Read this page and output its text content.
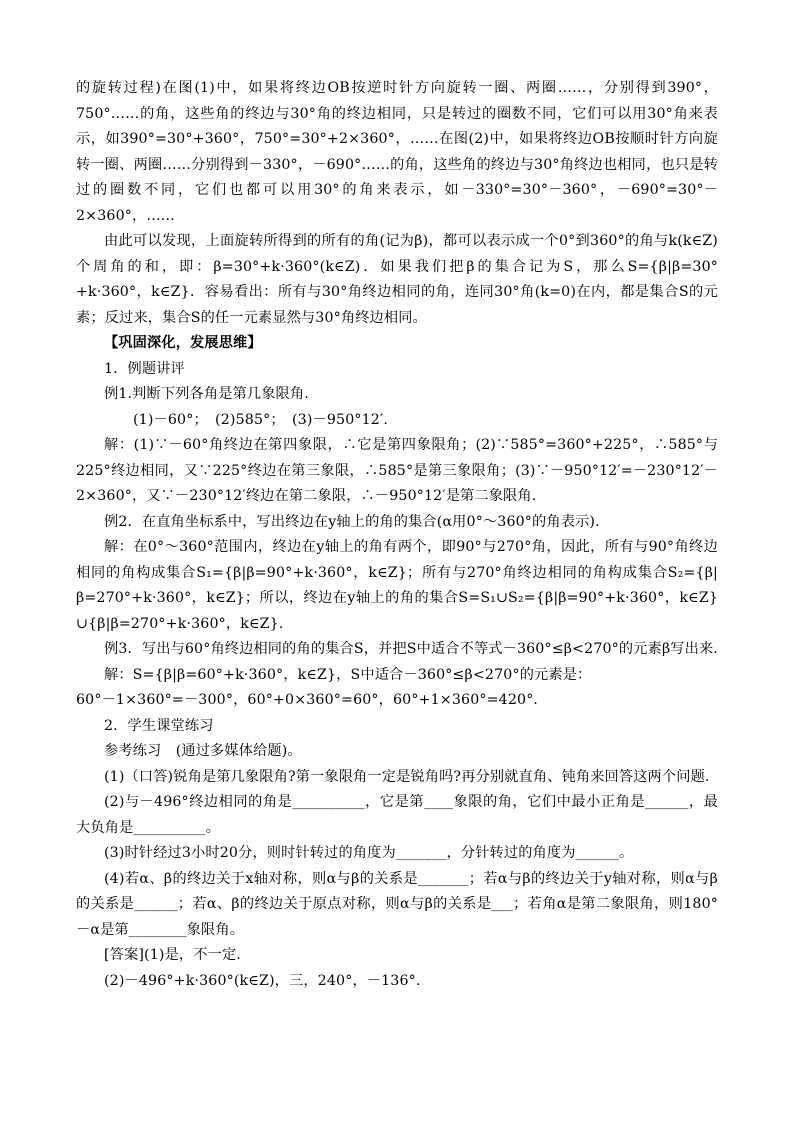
的旋转过程)在图(1)中，如果将终边OB按逆时针方向旋转一圈、两圈……，分别得到390°，750°……的角，这些角的终边与30°角的终边相同，只是转过的圈数不同，它们可以用30°角来表示，如390°=30°+360°，750°=30°+2×360°，……在图(2)中，如果将终边OB按顺时针方向旋转一圈、两圈……分别得到－330°，－690°……的角，这些角的终边与30°角终边也相同，也只是转过的圈数不同，它们也都可以用30°的角来表示，如－330°=30°－360°，－690°=30°－2×360°，……

由此可以发现，上面旋转所得到的所有的角(记为β)，都可以表示成一个0°到360°的角与k(k∈Z)个周角的和，即：β=30°+k·360°(k∈Z)．如果我们把β的集合记为S，那么S={β|β=30°+k·360°，k∈Z}．容易看出：所有与30°角终边相同的角，连同30°角(k=0)在内，都是集合S的元素；反过来，集合S的任一元素显然与30°角终边相同。

【巩固深化，发展思维】

1．例题讲评

例1.判断下列各角是第几象限角.

(1)－60°；　(2)585°；　(3)－950°12′.

解：(1)∵－60°角终边在第四象限，∴它是第四象限角；(2)∵585°=360°+225°，∴585°与225°终边相同，又∵225°终边在第三象限，∴585°是第三象限角；(3)∵－950°12′=－230°12′－2×360°，又∵－230°12′终边在第二象限，∴－950°12′是第二象限角.

例2．在直角坐标系中，写出终边在y轴上的角的集合(α用0°～360°的角表示).

解：在0°～360°范围内，终边在y轴上的角有两个，即90°与270°角，因此，所有与90°角终边相同的角构成集合S₁={β|β=90°+k·360°，k∈Z}；所有与270°角终边相同的角构成集合S₂={β|β=270°+k·360°，k∈Z}；所以，终边在y轴上的角的集合S=S₁∪S₂={β|β=90°+k·360°，k∈Z}∪{β|β=270°+k·360°，k∈Z}.

例3．写出与60°角终边相同的角的集合S，并把S中适合不等式－360°≤β<270°的元素β写出来.

解：S={β|β=60°+k·360°，k∈Z}，S中适合－360°≤β<270°的元素是：

60°－1×360°=－300°，60°+0×360°=60°，60°+1×360°=420°．

2．学生课堂练习

参考练习　(通过多媒体给题)。

(1)（口答)锐角是第几象限角?第一象限角一定是锐角吗?再分别就直角、钝角来回答这两个问题.

(2)与－496°终边相同的角是__________，它是第____象限的角，它们中最小正角是______，最大负角是__________。

(3)时针经过3小时20分，则时针转过的角度为_______，分针转过的角度为______。

(4)若α、β的终边关于x轴对称，则α与β的关系是_______；若α与β的终边关于y轴对称，则α与β的关系是______；若α、β的终边关于原点对称，则α与β的关系是___；若角α是第二象限角，则180°－α是第________象限角。

[答案](1)是，不一定.

(2)－496°+k·360°(k∈Z)，三，240°，－136°.
